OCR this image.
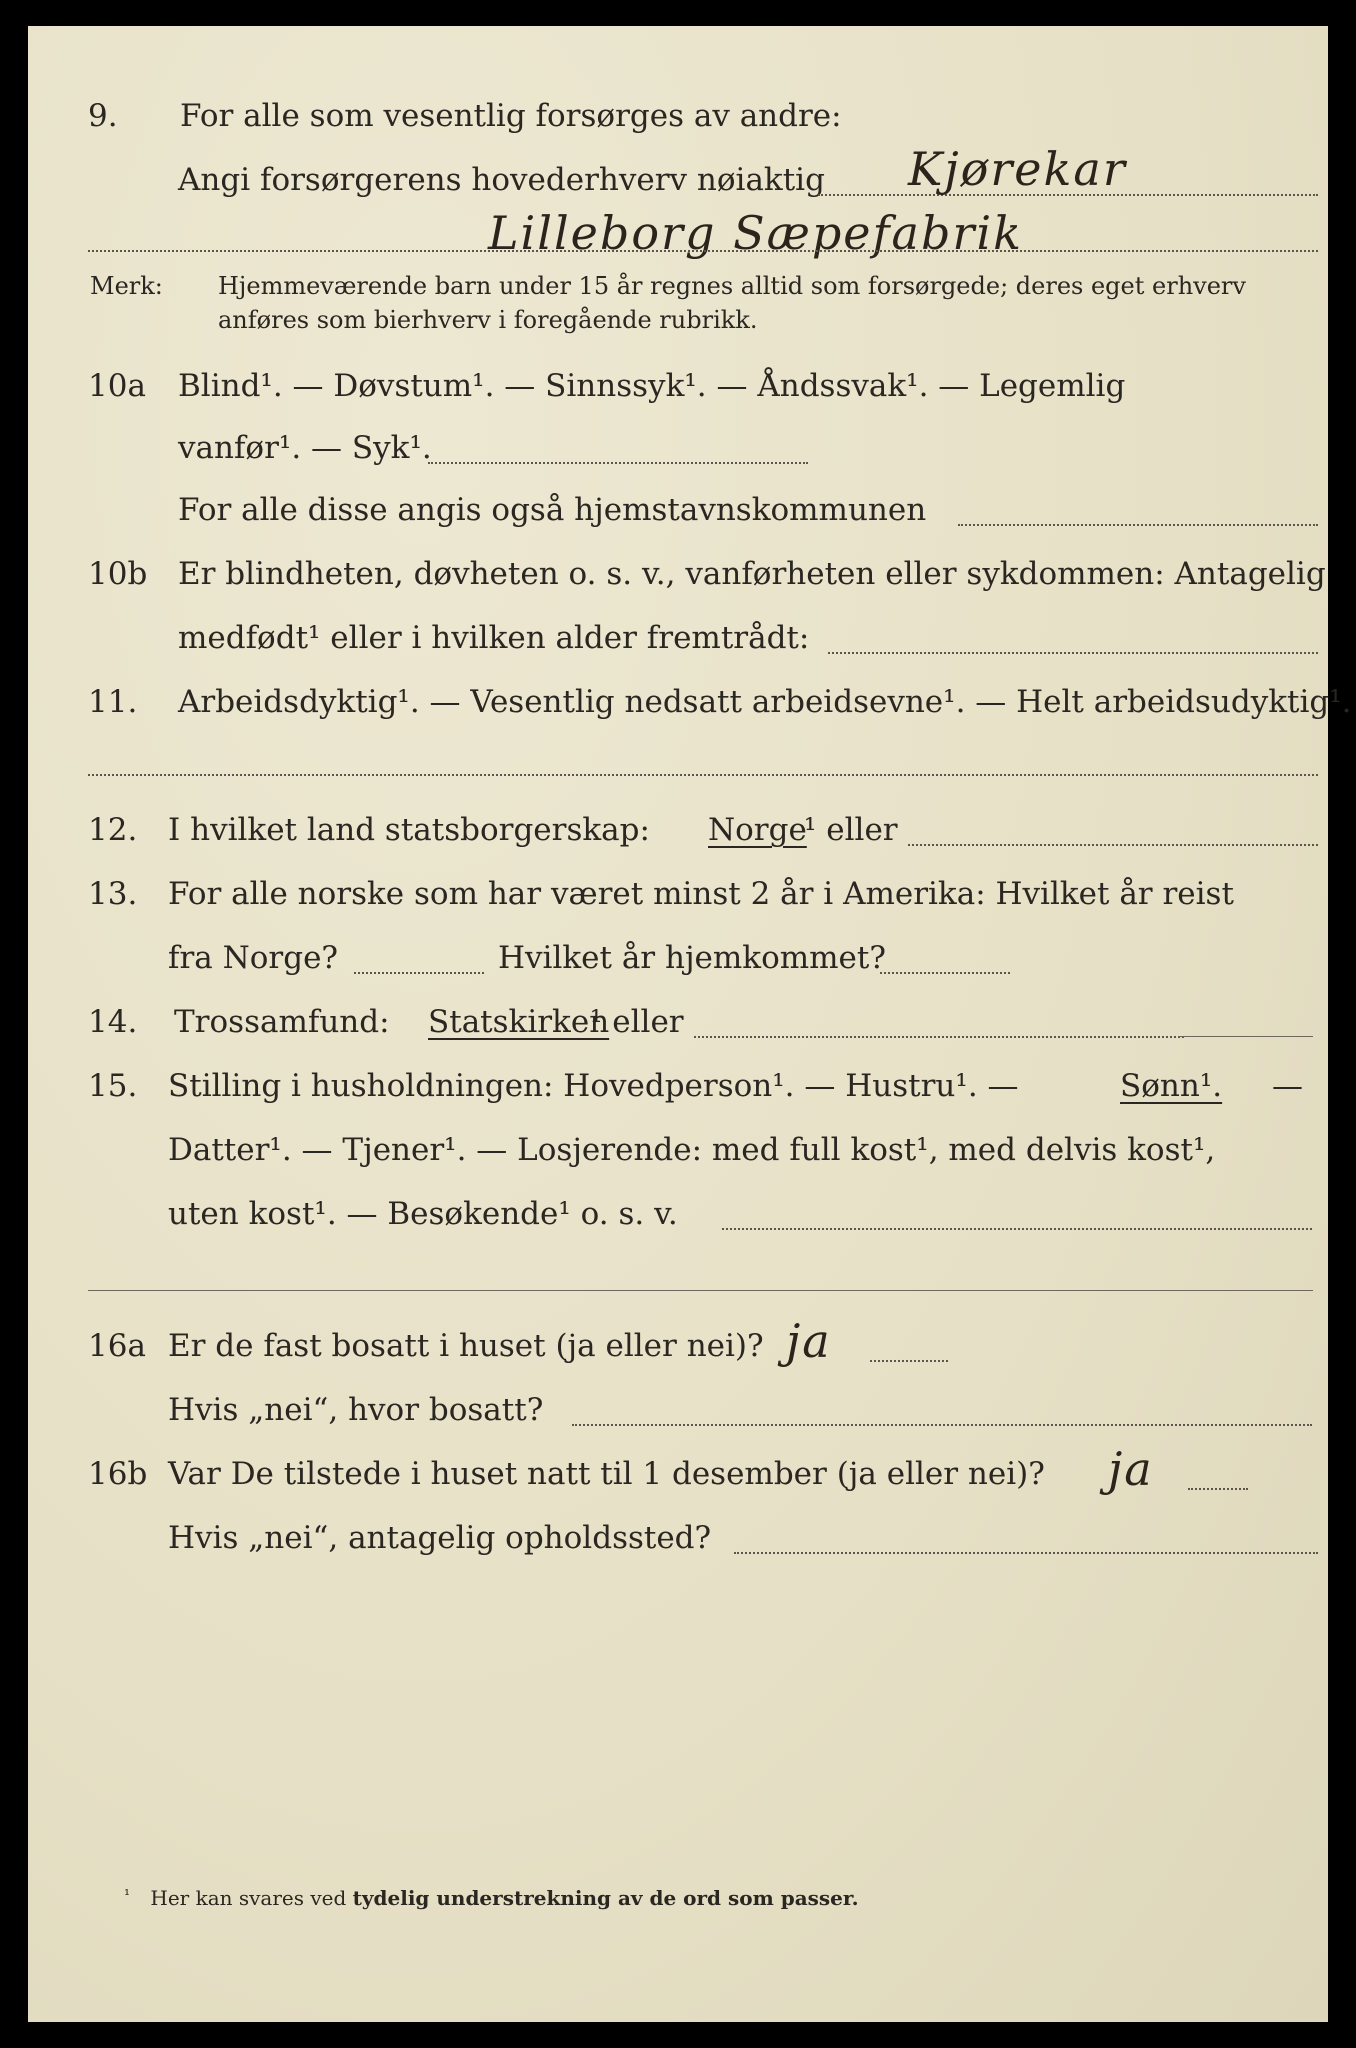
9. For alle som vesentlig forsørges av andre:
Angi forsørgerens hovederhverv nøiaktig Kjørekar
Lilleborg Sæpefabrik
Merk: Hjemmeværende barn under 15 år regnes alltid som forsørgede; deres eget erhverv
anføres som bierhverv i foregående rubrikk.
10a Blind¹. — Døvstum¹. — Sinnssyk¹. — Åndssvak¹. — Legemlig
vanfør¹. — Syk¹.
For alle disse angis også hjemstavnskommunen
10b Er blindheten, døvheten o. s. v., vanførheten eller sykdommen: Antagelig
medfødt¹ eller i hvilken alder fremtrådt:
11. Arbeidsdyktig¹. — Vesentlig nedsatt arbeidsevne¹. — Helt arbeidsudyktig¹.
12. I hvilket land statsborgerskap: Norge
¹ eller
13. For alle norske som har været minst 2 år i Amerika: Hvilket år reist
fra Norge?	Hvilket år hjemkommet?
14. Trossamfund: Statskirken
¹ eller
15. Stilling i husholdningen: Hovedperson¹. — Hustru¹. —	Sønn¹. —
Datter¹. — Tjener¹. — Losjerende: med full kost¹, med delvis kost¹,
uten kost¹. — Besøkende¹ o. s. v.
16a Er de fast bosatt i huset (ja eller nei)? ja
Hvis „nei“, hvor bosatt?
16b Var De tilstede i huset natt til 1 desember (ja eller nei)? ja
Hvis „nei“, antagelig opholdssted?
$^{^1}$ Her kan svares ved tydelig understrekning av de ord som passer.
